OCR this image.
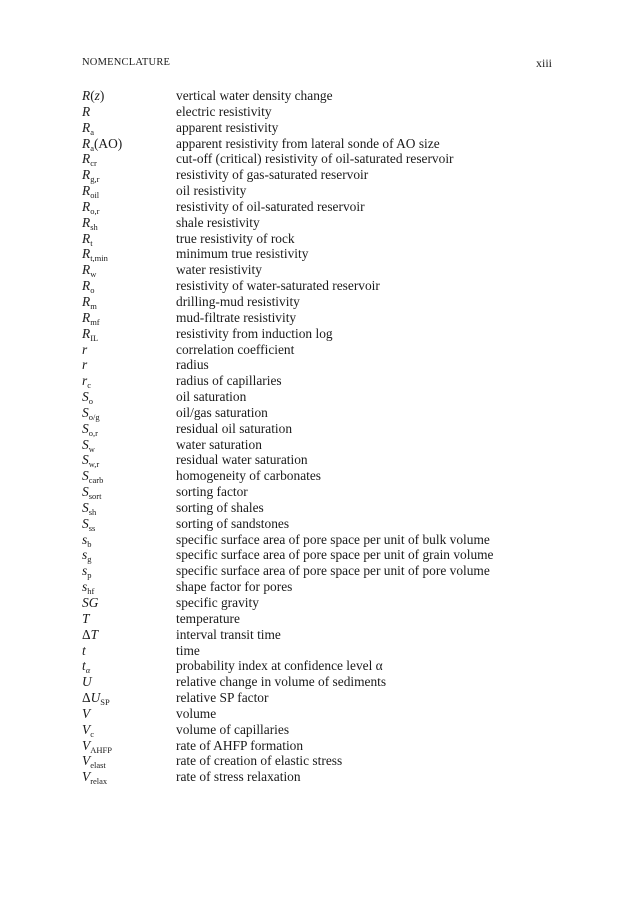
NOMENCLATURE	xiii
R(z)	vertical water density change
R	electric resistivity
$R_a$	apparent resistivity
$R_a(AO)$	apparent resistivity from lateral sonde of AO size
$R_{cr}$	cut-off (critical) resistivity of oil-saturated reservoir
$R_{g,r}$	resistivity of gas-saturated reservoir
$R_{oil}$	oil resistivity
$R_{o,r}$	resistivity of oil-saturated reservoir
$R_{sh}$	shale resistivity
$R_t$	true resistivity of rock
$R_{t,min}$	minimum true resistivity
$R_w$	water resistivity
$R_o$	resistivity of water-saturated reservoir
$R_m$	drilling-mud resistivity
$R_{mf}$	mud-filtrate resistivity
$R_{IL}$	resistivity from induction log
r	correlation coefficient
r	radius
$r_c$	radius of capillaries
$S_o$	oil saturation
$S_{o/g}$	oil/gas saturation
$S_{o,r}$	residual oil saturation
$S_w$	water saturation
$S_{w,r}$	residual water saturation
$S_{carb}$	homogeneity of carbonates
$S_{sort}$	sorting factor
$S_{sh}$	sorting of shales
$S_{ss}$	sorting of sandstones
$s_b$	specific surface area of pore space per unit of bulk volume
$s_g$	specific surface area of pore space per unit of grain volume
$s_p$	specific surface area of pore space per unit of pore volume
$s_{hf}$	shape factor for pores
SG	specific gravity
T	temperature
ΔT	interval transit time
t	time
$t_\alpha$	probability index at confidence level α
U	relative change in volume of sediments
$\Delta U_{SP}$	relative SP factor
V	volume
$V_c$	volume of capillaries
$V_{AHFP}$	rate of AHFP formation
$V_{elast}$	rate of creation of elastic stress
$V_{relax}$	rate of stress relaxation
